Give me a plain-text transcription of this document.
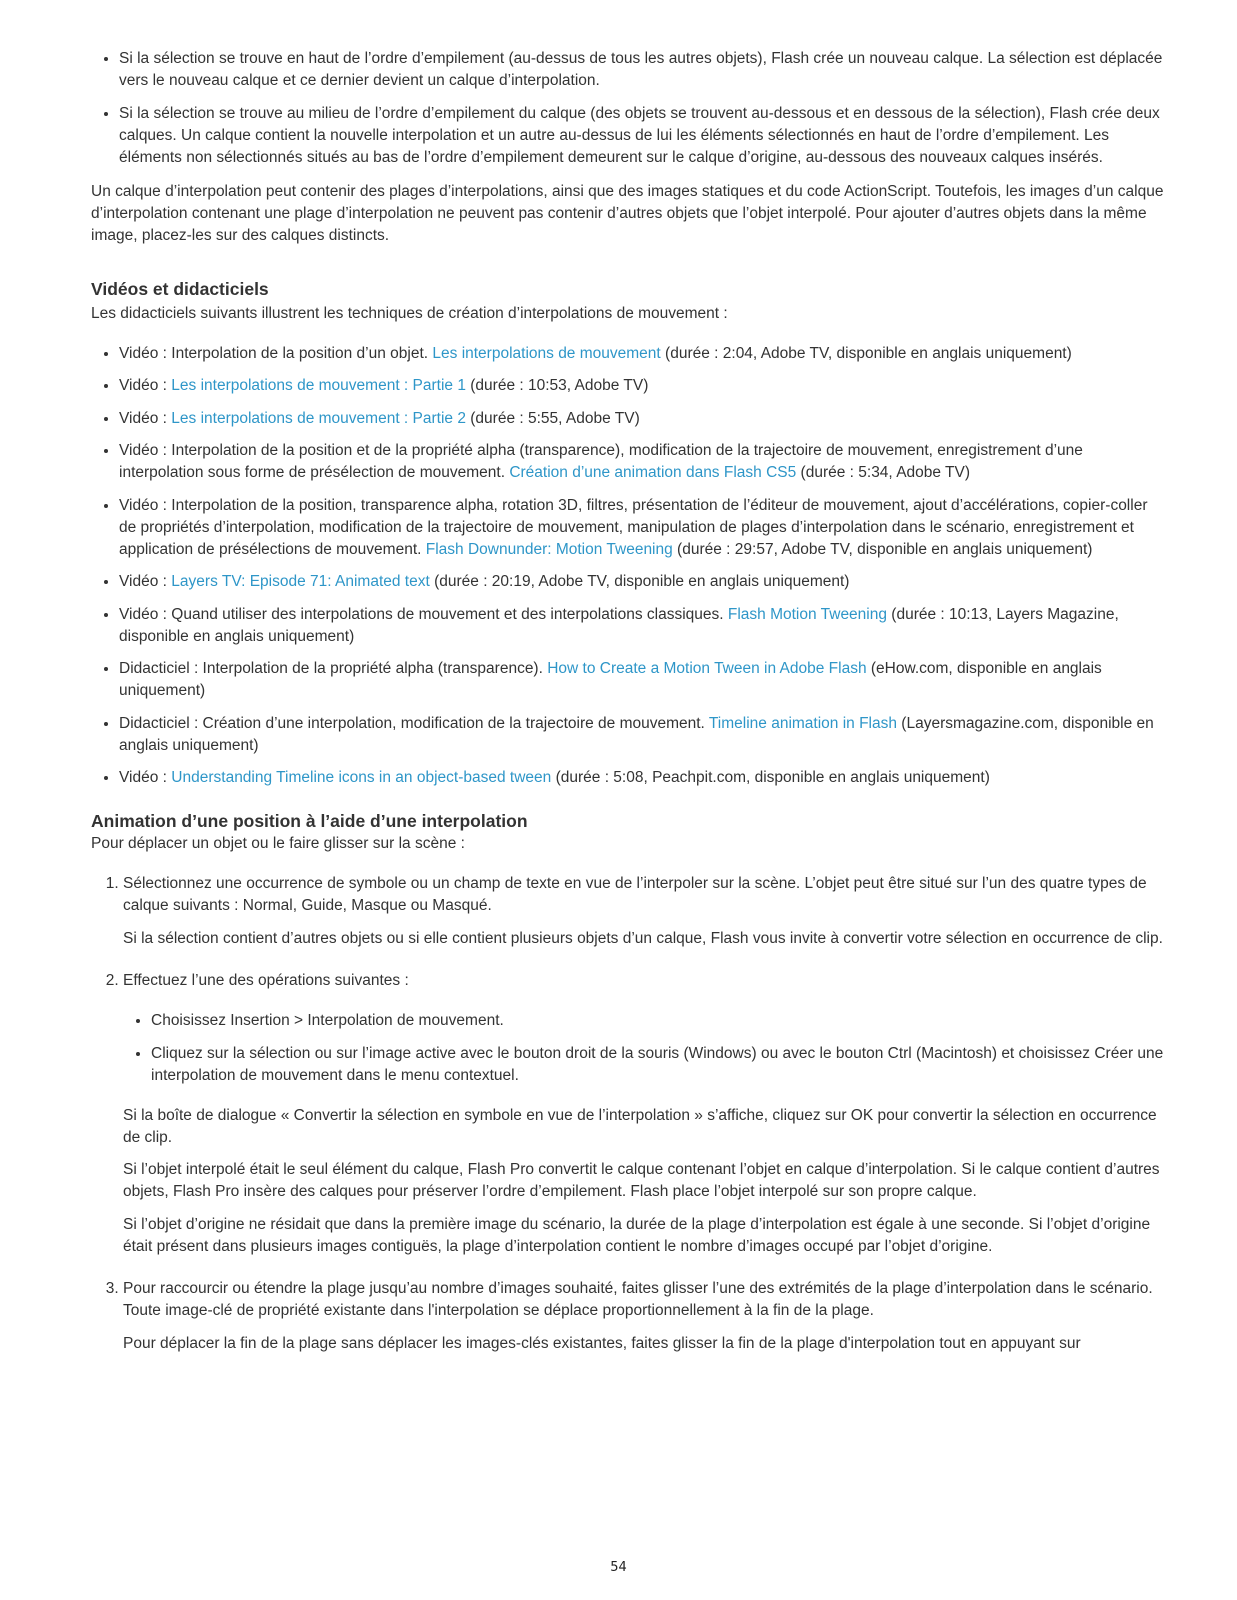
• Si la sélection se trouve en haut de l’ordre d’empilement (au-dessus de tous les autres objets), Flash crée un nouveau calque. La sélection est déplacée vers le nouveau calque et ce dernier devient un calque d’interpolation.
• Si la sélection se trouve au milieu de l’ordre d’empilement du calque (des objets se trouvent au-dessous et en dessous de la sélection), Flash crée deux calques. Un calque contient la nouvelle interpolation et un autre au-dessus de lui les éléments sélectionnés en haut de l’ordre d’empilement. Les éléments non sélectionnés situés au bas de l’ordre d’empilement demeurent sur le calque d’origine, au-dessous des nouveaux calques insérés.

Un calque d’interpolation peut contenir des plages d’interpolations, ainsi que des images statiques et du code ActionScript. Toutefois, les images d’un calque d’interpolation contenant une plage d’interpolation ne peuvent pas contenir d’autres objets que l’objet interpolé. Pour ajouter d’autres objets dans la même image, placez-les sur des calques distincts.

Vidéos et didacticiels

Les didacticiels suivants illustrent les techniques de création d’interpolations de mouvement :

• Vidéo : Interpolation de la position d’un objet. Les interpolations de mouvement (durée : 2:04, Adobe TV, disponible en anglais uniquement)
• Vidéo : Les interpolations de mouvement : Partie 1 (durée : 10:53, Adobe TV)
• Vidéo : Les interpolations de mouvement : Partie 2 (durée : 5:55, Adobe TV)
• Vidéo : Interpolation de la position et de la propriété alpha (transparence), modification de la trajectoire de mouvement, enregistrement d’une interpolation sous forme de présélection de mouvement. Création d’une animation dans Flash CS5 (durée : 5:34, Adobe TV)
• Vidéo : Interpolation de la position, transparence alpha, rotation 3D, filtres, présentation de l’éditeur de mouvement, ajout d’accélérations, copier-coller de propriétés d’interpolation, modification de la trajectoire de mouvement, manipulation de plages d’interpolation dans le scénario, enregistrement et application de présélections de mouvement. Flash Downunder: Motion Tweening (durée : 29:57, Adobe TV, disponible en anglais uniquement)
• Vidéo : Layers TV: Episode 71: Animated text (durée : 20:19, Adobe TV, disponible en anglais uniquement)
• Vidéo : Quand utiliser des interpolations de mouvement et des interpolations classiques. Flash Motion Tweening (durée : 10:13, Layers Magazine, disponible en anglais uniquement)
• Didacticiel : Interpolation de la propriété alpha (transparence). How to Create a Motion Tween in Adobe Flash (eHow.com, disponible en anglais uniquement)
• Didacticiel : Création d’une interpolation, modification de la trajectoire de mouvement. Timeline animation in Flash (Layersmagazine.com, disponible en anglais uniquement)
• Vidéo : Understanding Timeline icons in an object-based tween (durée : 5:08, Peachpit.com, disponible en anglais uniquement)
Animation d’une position à l’aide d’une interpolation

Pour déplacer un objet ou le faire glisser sur la scène :

1. Sélectionnez une occurrence de symbole ou un champ de texte en vue de l’interpoler sur la scène. L’objet peut être situé sur l’un des quatre types de calque suivants : Normal, Guide, Masque ou Masqué.

Si la sélection contient d’autres objets ou si elle contient plusieurs objets d’un calque, Flash vous invite à convertir votre sélection en occurrence de clip.

2. Effectuez l’une des opérations suivantes :

• Choisissez Insertion > Interpolation de mouvement.
• Cliquez sur la sélection ou sur l’image active avec le bouton droit de la souris (Windows) ou avec le bouton Ctrl (Macintosh) et choisissez Créer une interpolation de mouvement dans le menu contextuel.

Si la boîte de dialogue « Convertir la sélection en symbole en vue de l’interpolation » s’affiche, cliquez sur OK pour convertir la sélection en occurrence de clip.

Si l’objet interpolé était le seul élément du calque, Flash Pro convertit le calque contenant l’objet en calque d’interpolation. Si le calque contient d’autres objets, Flash Pro insère des calques pour préserver l’ordre d’empilement. Flash place l’objet interpolé sur son propre calque.

Si l’objet d’origine ne résidait que dans la première image du scénario, la durée de la plage d’interpolation est égale à une seconde. Si l’objet d’origine était présent dans plusieurs images contiguës, la plage d’interpolation contient le nombre d’images occupé par l’objet d’origine.

3. Pour raccourcir ou étendre la plage jusqu’au nombre d’images souhaité, faites glisser l’une des extrémités de la plage d’interpolation dans le scénario. Toute image-clé de propriété existante dans l'interpolation se déplace proportionnellement à la fin de la plage.

Pour déplacer la fin de la plage sans déplacer les images-clés existantes, faites glisser la fin de la plage d'interpolation tout en appuyant sur

54
